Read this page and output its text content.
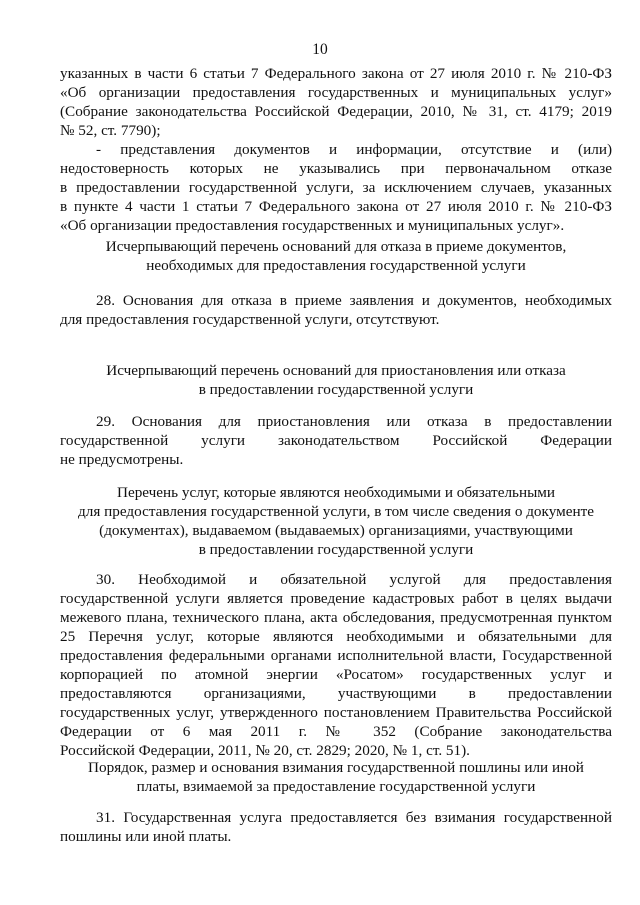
10
указанных в части 6 статьи 7 Федерального закона от 27 июля 2010 г. № 210-ФЗ
«Об организации предоставления государственных и муниципальных услуг»
(Собрание законодательства Российской Федерации, 2010, № 31, ст. 4179; 2019
№ 52, ст. 7790);
- представления документов и информации, отсутствие и (или)
недостоверность которых не указывались при первоначальном отказе
в предоставлении государственной услуги, за исключением случаев, указанных
в пункте 4 части 1 статьи 7 Федерального закона от 27 июля 2010 г. № 210-ФЗ
«Об организации предоставления государственных и муниципальных услуг».
Исчерпывающий перечень оснований для отказа в приеме документов,
необходимых для предоставления государственной услуги
28. Основания для отказа в приеме заявления и документов, необходимых
для предоставления государственной услуги, отсутствуют.
Исчерпывающий перечень оснований для приостановления или отказа
в предоставлении государственной услуги
29. Основания для приостановления или отказа в предоставлении
государственной услуги законодательством Российской Федерации
не предусмотрены.
Перечень услуг, которые являются необходимыми и обязательными
для предоставления государственной услуги, в том числе сведения о документе
(документах), выдаваемом (выдаваемых) организациями, участвующими
в предоставлении государственной услуги
30. Необходимой и обязательной услугой для предоставления
государственной услуги является проведение кадастровых работ в целях выдачи
межевого плана, технического плана, акта обследования, предусмотренная пунктом
25 Перечня услуг, которые являются необходимыми и обязательными для
предоставления федеральными органами исполнительной власти, Государственной
корпорацией по атомной энергии «Росатом» государственных услуг и
предоставляются организациями, участвующими в предоставлении
государственных услуг, утвержденного постановлением Правительства Российской
Федерации от 6 мая 2011 г. № 352 (Собрание законодательства
Российской Федерации, 2011, № 20, ст. 2829; 2020, № 1, ст. 51).
Порядок, размер и основания взимания государственной пошлины или иной
платы, взимаемой за предоставление государственной услуги
31. Государственная услуга предоставляется без взимания государственной
пошлины или иной платы.
